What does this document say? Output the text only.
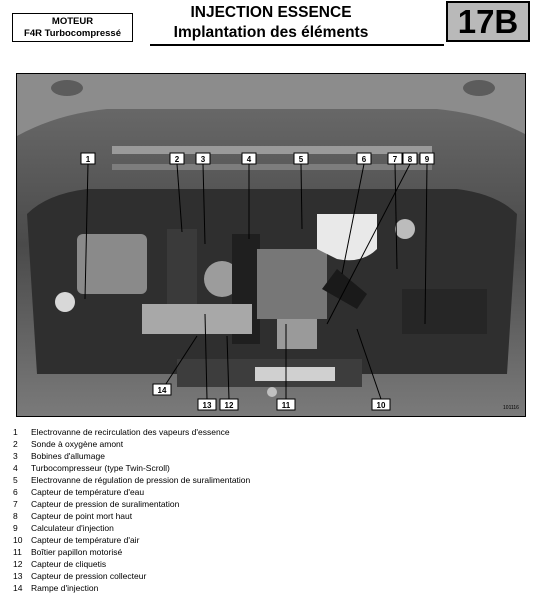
MOTEUR
F4R Turbocompressé
INJECTION ESSENCE
Implantation des éléments	17B
101116
1	2	3	4	5	6	7 8 9
10
11
12
13
14
1 Electrovanne de recirculation des vapeurs d'essence
2 Sonde à oxygène amont
3 Bobines d'allumage
4 Turbocompresseur (type Twin-Scroll)
5 Electrovanne de régulation de pression de suralimentation
6 Capteur de température d'eau
7 Capteur de pression de suralimentation
8 Capteur de point mort haut
9 Calculateur d'injection
10 Capteur de température d'air
11 Boîtier papillon motorisé
12 Capteur de cliquetis
13 Capteur de pression collecteur
14 Rampe d'injection
